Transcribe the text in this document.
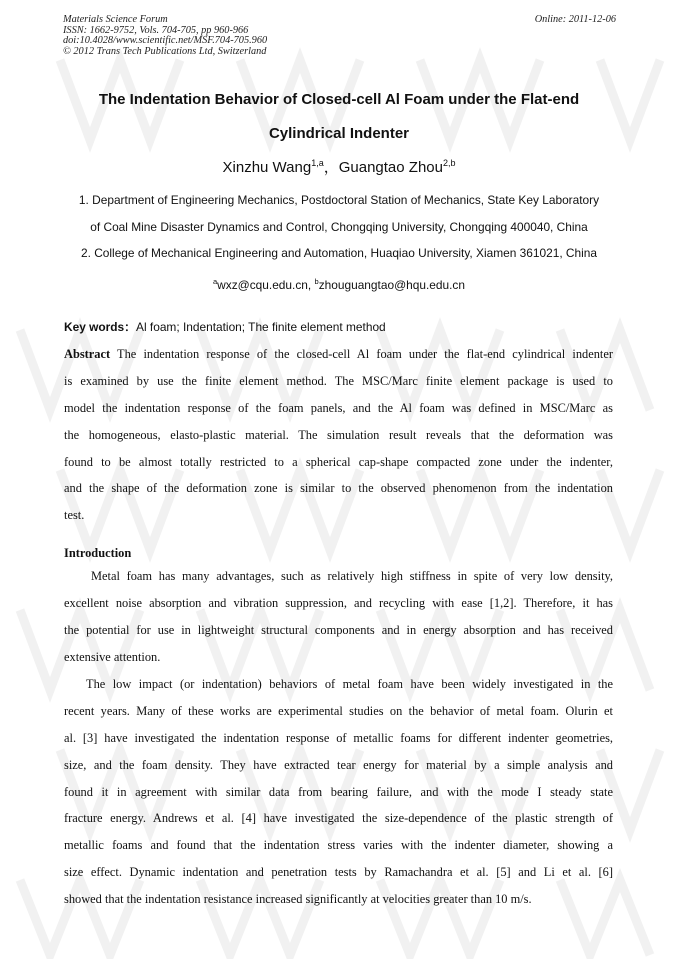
Materials Science Forum
ISSN: 1662-9752, Vols. 704-705, pp 960-966
doi:10.4028/www.scientific.net/MSF.704-705.960
© 2012 Trans Tech Publications Ltd, Switzerland
Online: 2011-12-06
The Indentation Behavior of Closed-cell Al Foam under the Flat-end
Cylindrical Indenter
Xinzhu Wang$^{1,a}$，Guangtao Zhou$^{2,b}$
1. Department of Engineering Mechanics, Postdoctoral Station of Mechanics, State Key Laboratory
of Coal Mine Disaster Dynamics and Control, Chongqing University, Chongqing 400040, China
2. College of Mechanical Engineering and Automation, Huaqiao University, Xiamen 361021, China
$^a$wxz@cqu.edu.cn, $^b$zhouguangtao@hqu.edu.cn
Key words：Al foam; Indentation; The finite element method
Abstract The indentation response of the closed-cell Al foam under the flat-end cylindrical indenter
is examined by use the finite element method. The MSC/Marc finite element package is used to
model the indentation response of the foam panels, and the Al foam was defined in MSC/Marc as
the homogeneous, elasto-plastic material. The simulation result reveals that the deformation was
found to be almost totally restricted to a spherical cap-shape compacted zone under the indenter,
and the shape of the deformation zone is similar to the observed phenomenon from the indentation
test.
Introduction
Metal foam has many advantages, such as relatively high stiffness in spite of very low density,
excellent noise absorption and vibration suppression, and recycling with ease [1,2]. Therefore, it has
the potential for use in lightweight structural components and in energy absorption and has received
extensive attention.
The low impact (or indentation) behaviors of metal foam have been widely investigated in the
recent years. Many of these works are experimental studies on the behavior of metal foam. Olurin et
al. [3] have investigated the indentation response of metallic foams for different indenter geometries,
size, and the foam density. They have extracted tear energy for material by a simple analysis and
found it in agreement with similar data from bearing failure, and with the mode I steady state
fracture energy. Andrews et al. [4] have investigated the size-dependence of the plastic strength of
metallic foams and found that the indentation stress varies with the indenter diameter, showing a
size effect. Dynamic indentation and penetration tests by Ramachandra et al. [5] and Li et al. [6]
showed that the indentation resistance increased significantly at velocities greater than 10 m/s.
